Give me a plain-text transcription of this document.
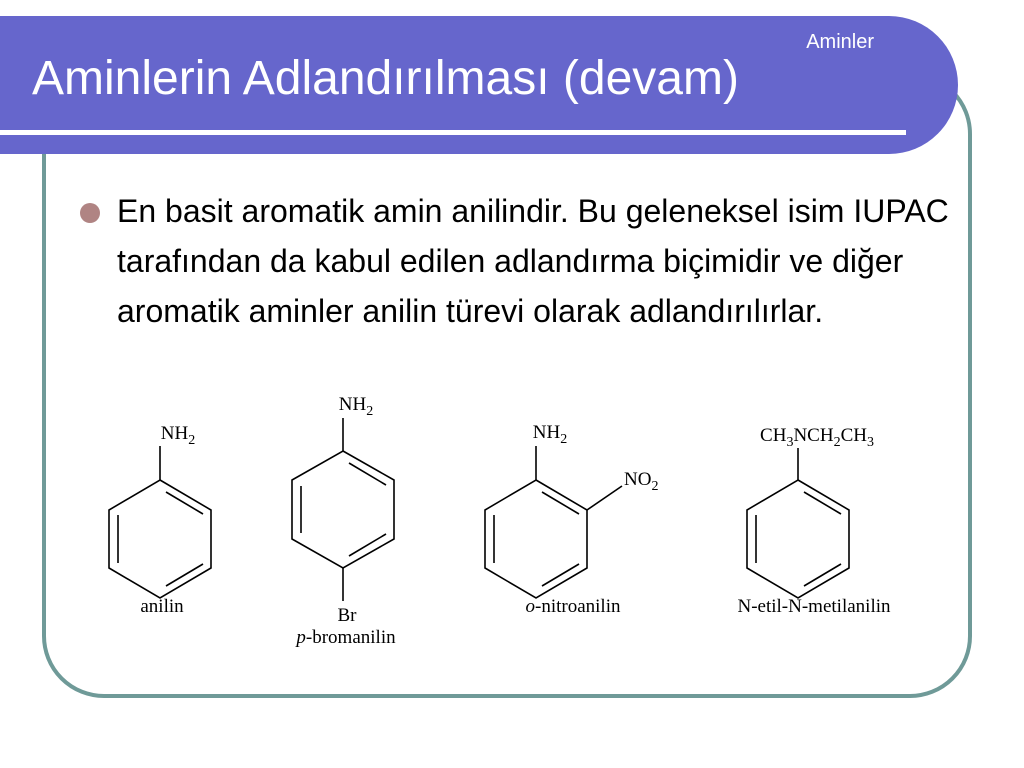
Aminler
Aminlerin Adlandırılması (devam)

En basit aromatik amin anilindir. Bu geleneksel isim IUPAC tarafından da kabul edilen adlandırma biçimidir ve diğer aromatik aminler anilin türevi olarak adlandırılırlar.

$NH_2$
anilin
$NH_2$
Br
p-bromanilin
$NH_2$
$NO_2$
o-nitroanilin
$CH_3NCH_2CH_3$
N-etil-N-metilanilin
